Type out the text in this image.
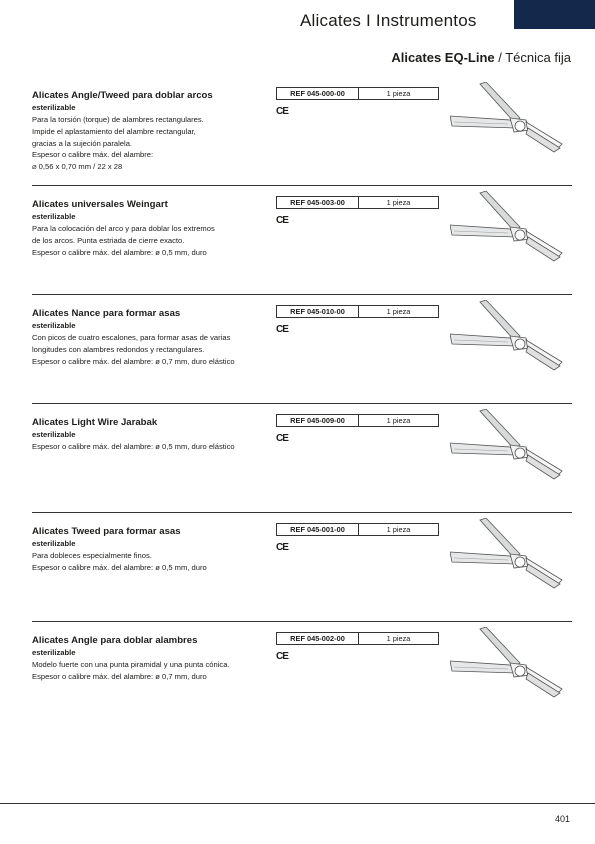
Alicates I Instrumentos
Alicates EQ-Line / Técnica fija
Alicates Angle/Tweed para doblar arcos
esterilizable
Para la torsión (torque) de alambres rectangulares.
Impide el aplastamiento del alambre rectangular,
gracias a la sujeción paralela.
Espesor o calibre máx. del alambre:
⌀ 0,56 x 0,70 mm / 22 x 28
REF 045-000-00	1 pieza
CE
Alicates universales Weingart
esterilizable
Para la colocación del arco y para doblar los extremos
de los arcos. Punta estriada de cierre exacto.
Espesor o calibre máx. del alambre: ø 0,5 mm, duro
REF 045-003-00	1 pieza
CE
Alicates Nance para formar asas
esterilizable
Con picos de cuatro escalones, para formar asas de varias
longitudes con alambres redondos y rectangulares.
Espesor o calibre máx. del alambre: ø 0,7 mm, duro elástico
REF 045-010-00	1 pieza
CE
Alicates Light Wire Jarabak
esterilizable
Espesor o calibre máx. del alambre: ø 0,5 mm, duro elástico
REF 045-009-00	1 pieza
CE
Alicates Tweed para formar asas
esterilizable
Para dobleces especialmente finos.
Espesor o calibre máx. del alambre: ø 0,5 mm, duro
REF 045-001-00	1 pieza
CE
Alicates Angle para doblar alambres
esterilizable
Modelo fuerte con una punta piramidal y una punta cónica.
Espesor o calibre máx. del alambre: ø 0,7 mm, duro
REF 045-002-00	1 pieza
CE
401
